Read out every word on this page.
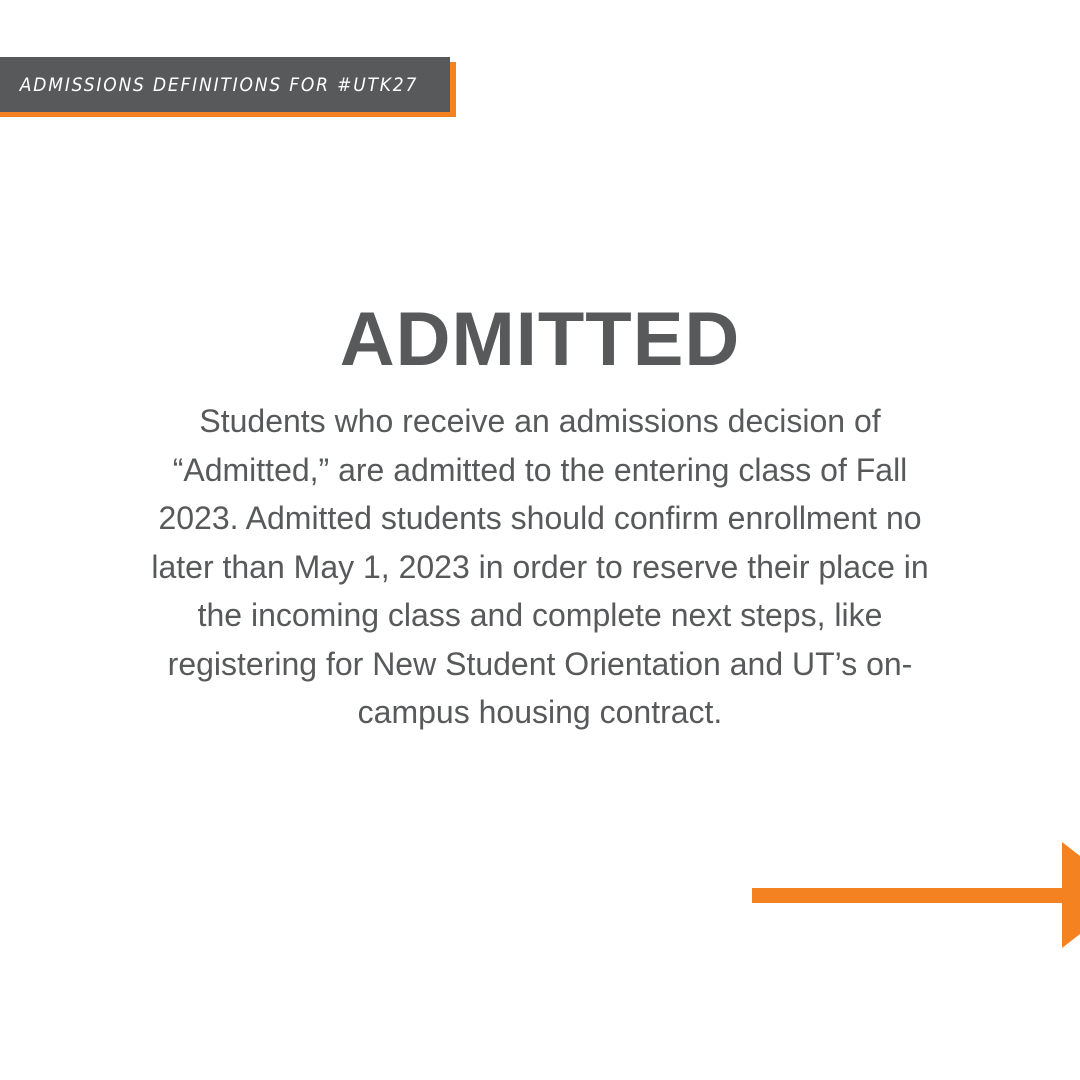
ADMISSIONS DEFINITIONS FOR #UTK27
ADMITTED

Students who receive an admissions decision of “Admitted,” are admitted to the entering class of Fall 2023. Admitted students should confirm enrollment no later than May 1, 2023 in order to reserve their place in the incoming class and complete next steps, like registering for New Student Orientation and UT’s on-campus housing contract.
